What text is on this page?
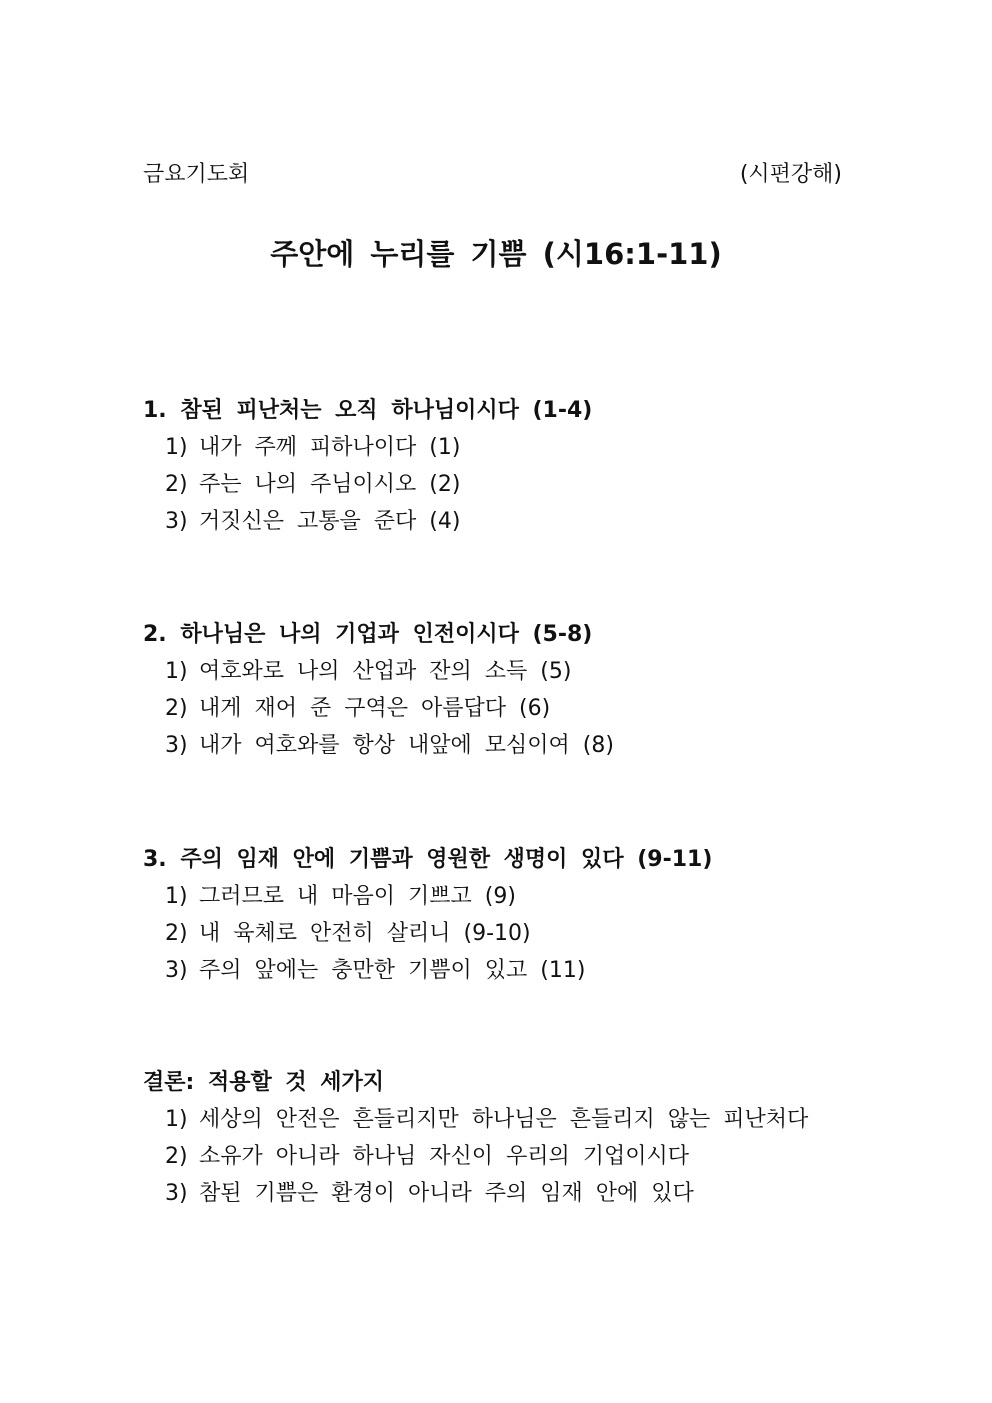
금요기도회	(시편강해)
주안에 누리를 기쁨 (시16:1-11)
1. 참된 피난처는 오직 하나님이시다 (1-4)
1) 내가 주께 피하나이다 (1)
2) 주는 나의 주님이시오 (2)
3) 거짓신은 고통을 준다 (4)
2. 하나님은 나의 기업과 인전이시다 (5-8)
1) 여호와로 나의 산업과 잔의 소득 (5)
2) 내게 재어 준 구역은 아름답다 (6)
3) 내가 여호와를 항상 내앞에 모심이여 (8)
3. 주의 임재 안에 기쁨과 영원한 생명이 있다 (9-11)
1) 그러므로 내 마음이 기쁘고 (9)
2) 내 육체로 안전히 살리니 (9-10)
3) 주의 앞에는 충만한 기쁨이 있고 (11)
결론: 적용할 것 세가지
1) 세상의 안전은 흔들리지만 하나님은 흔들리지 않는 피난처다
2) 소유가 아니라 하나님 자신이 우리의 기업이시다
3) 참된 기쁨은 환경이 아니라 주의 임재 안에 있다
